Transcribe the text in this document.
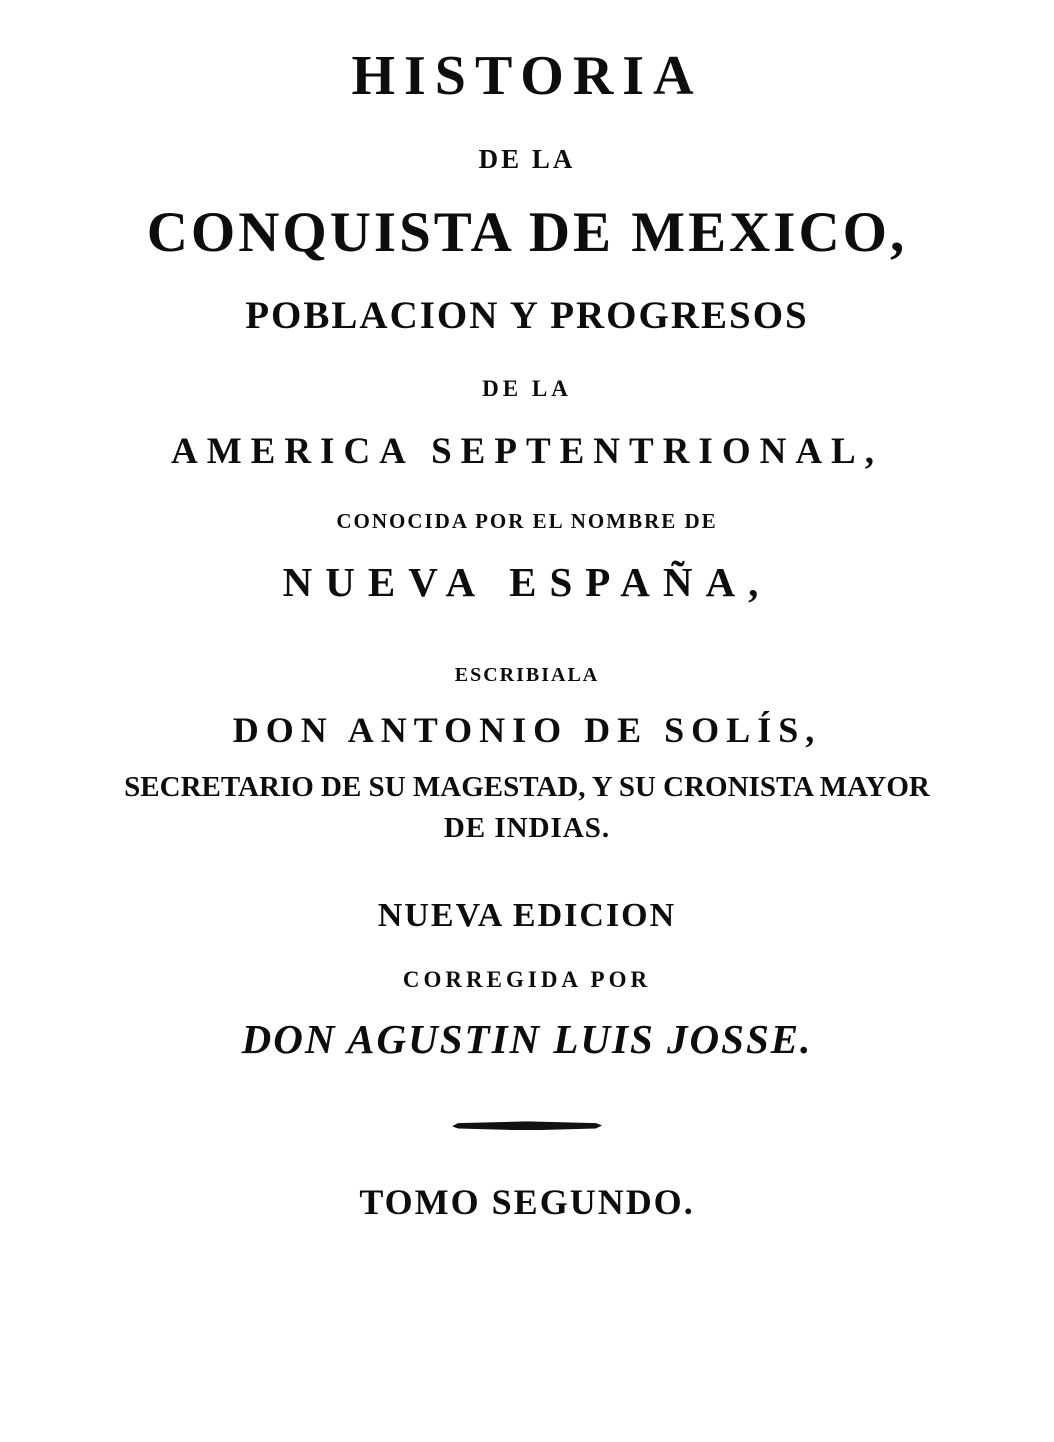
HISTORIA
DE LA
CONQUISTA DE MEXICO,
POBLACION Y PROGRESOS
DE LA
AMERICA SEPTENTRIONAL,
CONOCIDA POR EL NOMBRE DE
NUEVA ESPAÑA,
ESCRIBIALA
DON ANTONIO DE SOLÍS,
SECRETARIO DE SU MAGESTAD, Y SU CRONISTA MAYOR
DE INDIAS.
NUEVA EDICION
CORREGIDA POR
DON AGUSTIN LUIS JOSSE.
TOMO SEGUNDO.
